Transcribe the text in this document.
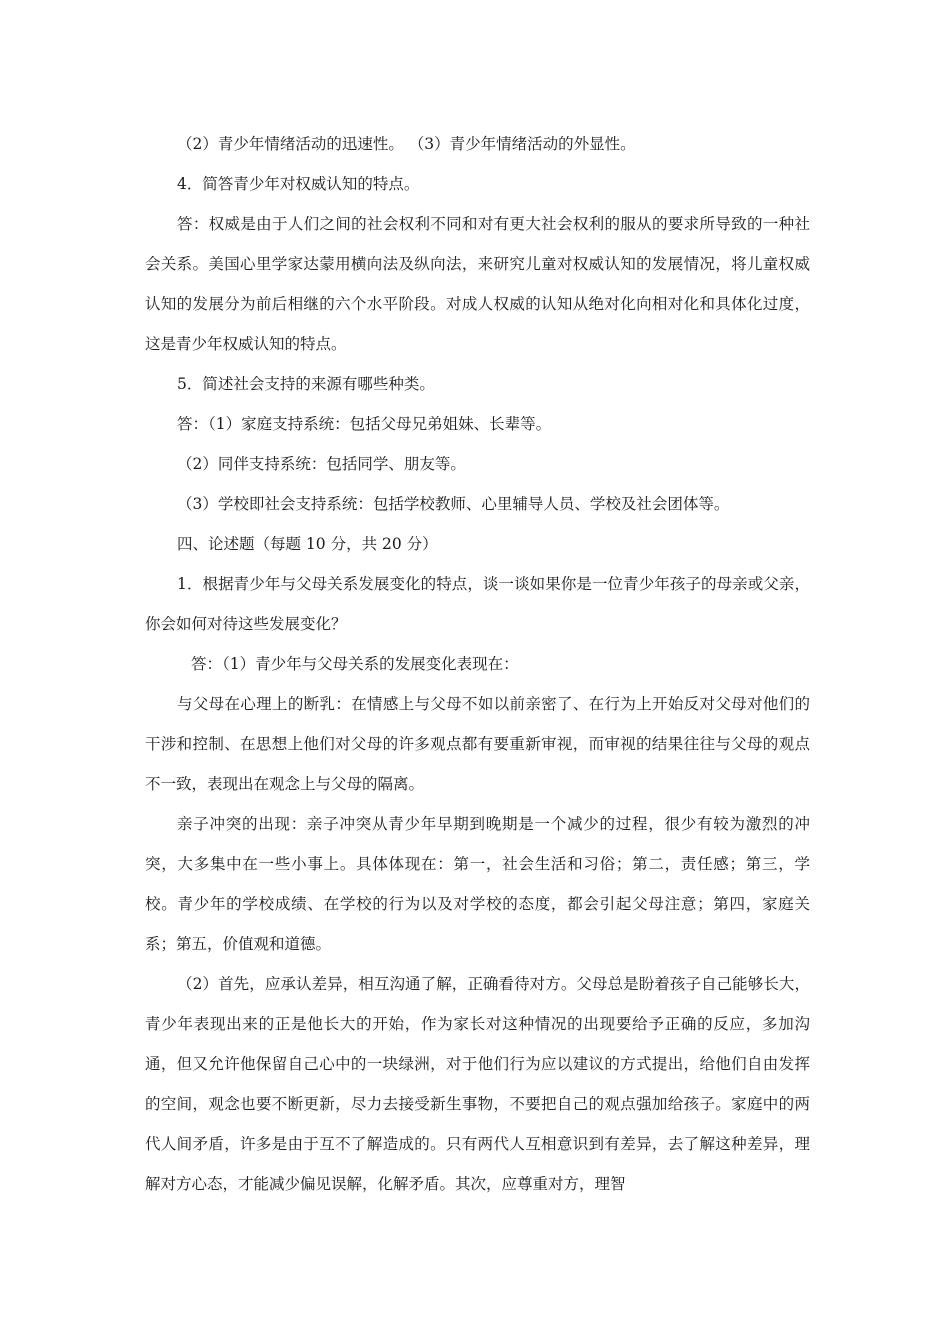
（2）青少年情绪活动的迅速性。 （3）青少年情绪活动的外显性。

4．简答青少年对权威认知的特点。

答：权威是由于人们之间的社会权利不同和对有更大社会权利的服从的要求所导致的一种社会关系。美国心里学家达蒙用横向法及纵向法，来研究儿童对权威认知的发展情况，将儿童权威认知的发展分为前后相继的六个水平阶段。对成人权威的认知从绝对化向相对化和具体化过度，这是青少年权威认知的特点。

5．简述社会支持的来源有哪些种类。

答：（1）家庭支持系统：包括父母兄弟姐妹、长辈等。

（2）同伴支持系统：包括同学、朋友等。

（3）学校即社会支持系统：包括学校教师、心里辅导人员、学校及社会团体等。

四、论述题（每题 10 分，共 20 分）

1．根据青少年与父母关系发展变化的特点，谈一谈如果你是一位青少年孩子的母亲或父亲，你会如何对待这些发展变化？

答：（1）青少年与父母关系的发展变化表现在：

与父母在心理上的断乳：在情感上与父母不如以前亲密了、在行为上开始反对父母对他们的干涉和控制、在思想上他们对父母的许多观点都有要重新审视，而审视的结果往往与父母的观点不一致，表现出在观念上与父母的隔离。

亲子冲突的出现：亲子冲突从青少年早期到晚期是一个减少的过程，很少有较为激烈的冲突，大多集中在一些小事上。具体体现在：第一，社会生活和习俗；第二，责任感；第三，学校。青少年的学校成绩、在学校的行为以及对学校的态度，都会引起父母注意；第四，家庭关系；第五，价值观和道德。

（2）首先，应承认差异，相互沟通了解，正确看待对方。父母总是盼着孩子自己能够长大，青少年表现出来的正是他长大的开始，作为家长对这种情况的出现要给予正确的反应，多加沟通，但又允许他保留自己心中的一块绿洲，对于他们行为应以建议的方式提出，给他们自由发挥的空间，观念也要不断更新，尽力去接受新生事物，不要把自己的观点强加给孩子。家庭中的两代人间矛盾，许多是由于互不了解造成的。只有两代人互相意识到有差异，去了解这种差异，理解对方心态，才能减少偏见误解，化解矛盾。其次，应尊重对方，理智
